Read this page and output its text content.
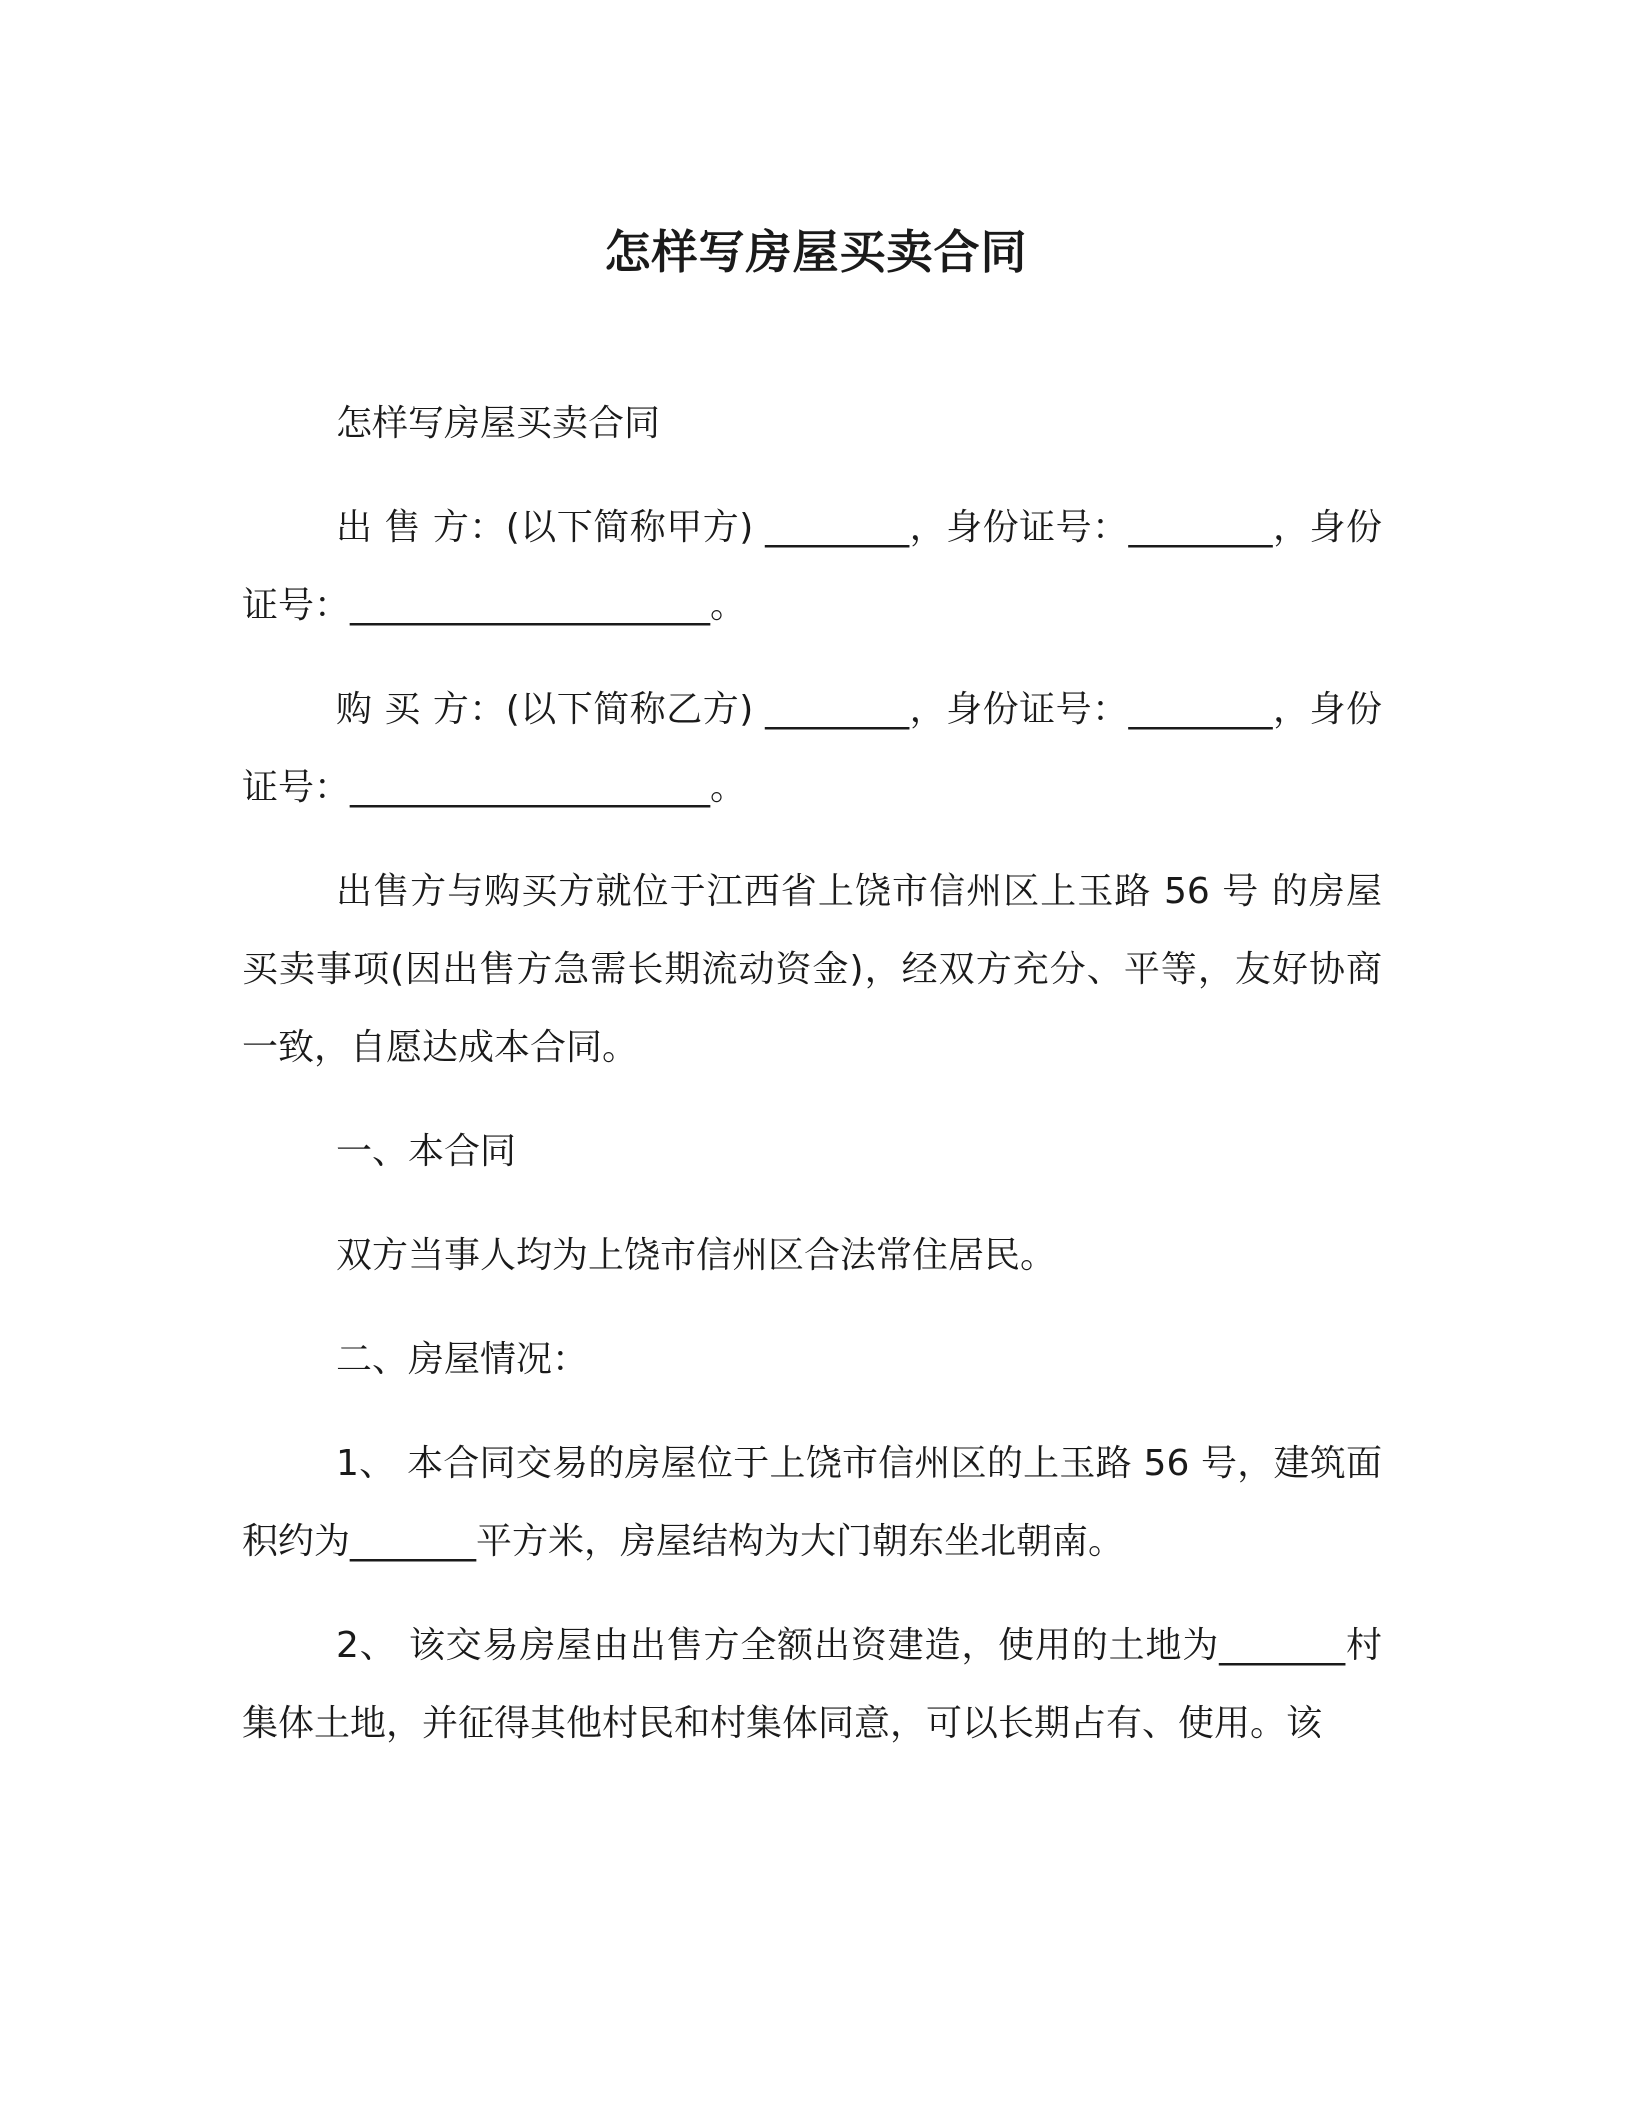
怎样写房屋买卖合同

怎样写房屋买卖合同

出 售 方：(以下简称甲方) ________，身份证号：________，身份证号：____________________。

购 买 方：(以下简称乙方) ________，身份证号：________，身份证号：____________________。

出售方与购买方就位于江西省上饶市信州区上玉路 56 号 的房屋买卖事项(因出售方急需长期流动资金)，经双方充分、平等，友好协商一致，自愿达成本合同。

一、本合同

双方当事人均为上饶市信州区合法常住居民。

二、房屋情况：

1、 本合同交易的房屋位于上饶市信州区的上玉路 56 号，建筑面积约为_______平方米，房屋结构为大门朝东坐北朝南。

2、 该交易房屋由出售方全额出资建造，使用的土地为_______村集体土地，并征得其他村民和村集体同意，可以长期占有、使用。该
